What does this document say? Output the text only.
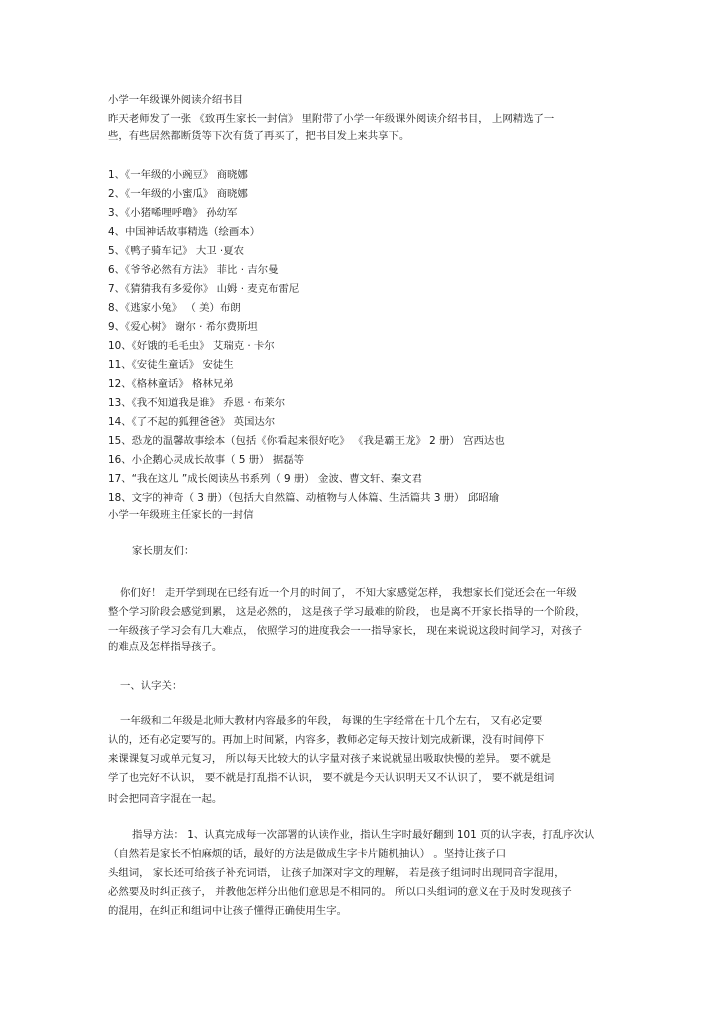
小学一年级课外阅读介绍书目

昨天老师发了一张 《致再生家长一封信》 里附带了小学一年级课外阅读介绍书目， 上网精选了一

些，有些居然都断货等下次有货了再买了，把书目发上来共享下。

1、《一年级的小豌豆》 商晓娜

2、《一年级的小蜜瓜》 商晓娜

3、《小猪唏哩呼噜》 孙幼军

4、中国神话故事精选（绘画本）

5、《鸭子骑车记》 大卫 ·夏农

6、《爷爷必然有方法》 菲比 · 吉尔曼

7、《猜猜我有多爱你》 山姆 · 麦克布雷尼

8、《逃家小兔》 （ 美）布朗

9、《爱心树》 谢尔 · 希尔费斯坦

10、《好饿的毛毛虫》 艾瑞克 · 卡尔

11、《安徒生童话》 安徒生

12、《格林童话》 格林兄弟

13、《我不知道我是谁》 乔恩 · 布莱尔

14、《了不起的狐狸爸爸》 英国达尔

15、恐龙的温馨故事绘本（包括《你看起来很好吃》 《我是霸王龙》 2 册） 宫西达也

16、小企鹅心灵成长故事（ 5 册） 据磊等

17、“我在这儿 ”成长阅读丛书系列（ 9 册） 金波、曹文轩、秦文君

18、文字的神奇（ 3 册）（包括大自然篇、动植物与人体篇、生活篇共 3 册） 邱昭瑜

小学一年级班主任家长的一封信

家长朋友们：

你们好！ 走开学到现在已经有近一个月的时间了， 不知大家感觉怎样， 我想家长们觉还会在一年级

整个学习阶段会感觉到累， 这是必然的， 这是孩子学习最难的阶段， 也是离不开家长指导的一个阶段，

一年级孩子学习会有几大难点， 依照学习的进度我会一一指导家长， 现在来说说这段时间学习，对孩子

的难点及怎样指导孩子。

一、认字关：

一年级和二年级是北师大教材内容最多的年段， 每课的生字经常在十几个左右， 又有必定要

认的，还有必定要写的。再加上时间紧，内容多，教师必定每天按计划完成新课，没有时间停下

来课课复习或单元复习， 所以每天比较大的认字量对孩子来说就显出吸取快慢的差异。 要不就是

学了也完好不认识， 要不就是打乱指不认识， 要不就是今天认识明天又不认识了， 要不就是组词

时会把同音字混在一起。

指导方法： 1、认真完成每一次部署的认读作业，指认生字时最好翻到 101 页的认字表，打乱序次认

（自然若是家长不怕麻烦的话，最好的方法是做成生字卡片随机抽认） 。坚持让孩子口

头组词， 家长还可给孩子补充词语， 让孩子加深对字文的理解， 若是孩子组词时出现同音字混用，

必然要及时纠正孩子， 并教他怎样分出他们意思是不相同的。 所以口头组词的意义在于及时发现孩子

的混用，在纠正和组词中让孩子懂得正确使用生字。
